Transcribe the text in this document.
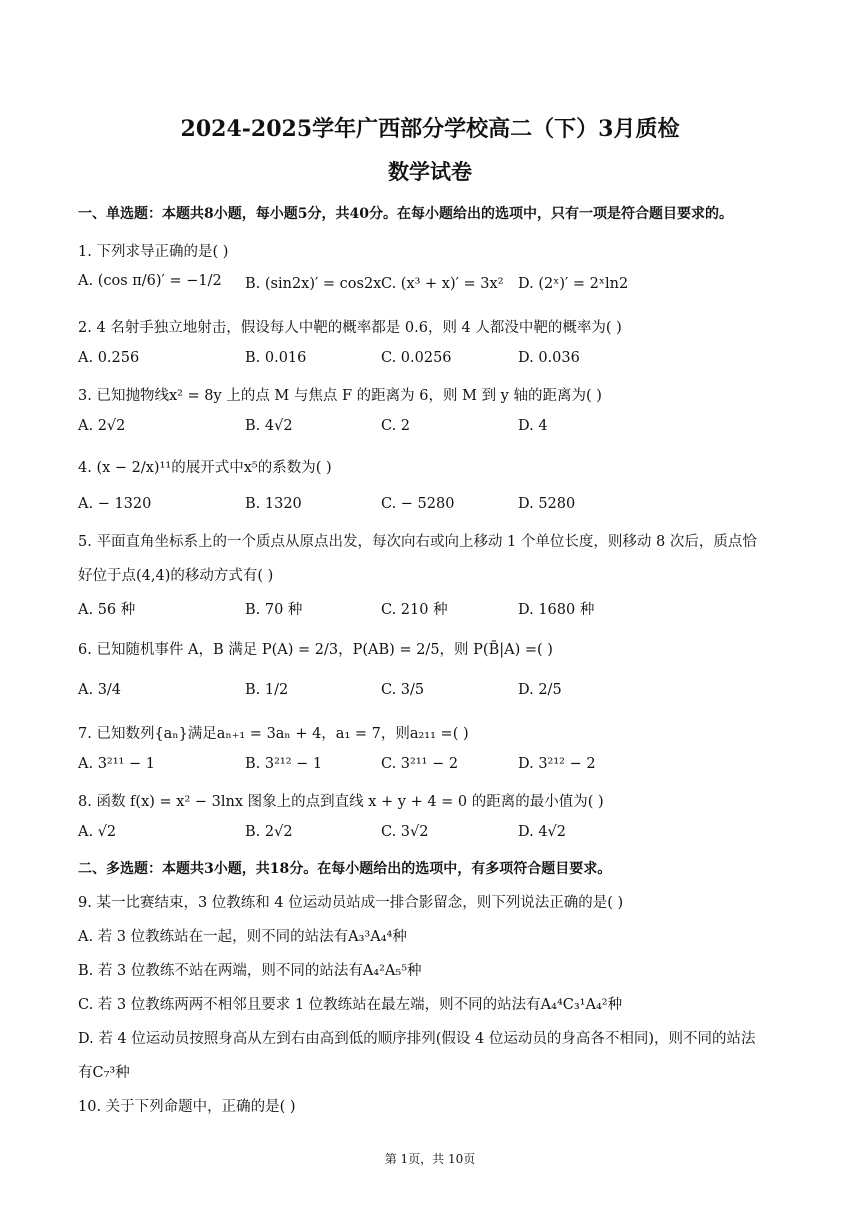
2024-2025学年广西部分学校高二（下）3月质检
数学试卷
一、单选题：本题共8小题，每小题5分，共40分。在每小题给出的选项中，只有一项是符合题目要求的。
1. 下列求导正确的是( )
A. (cos π/6)′ = −1/2 B. (sin2x)′ = cos2x C. (x³ + x)′ = 3x² D. (2ˣ)′ = 2ˣln2
2. 4 名射手独立地射击，假设每人中靶的概率都是 0.6，则 4 人都没中靶的概率为( )
A. 0.256	B. 0.016	C. 0.0256	D. 0.036
3. 已知抛物线x² = 8y 上的点 M 与焦点 F 的距离为 6，则 M 到 y 轴的距离为( )
A. 2√2	B. 4√2	C. 2	D. 4
4. (x − 2/x)¹¹的展开式中x⁵的系数为( )
A. − 1320	B. 1320	C. − 5280	D. 5280
5. 平面直角坐标系上的一个质点从原点出发，每次向右或向上移动 1 个单位长度，则移动 8 次后，质点恰
好位于点(4,4)的移动方式有( )
A. 56 种	B. 70 种	C. 210 种	D. 1680 种
6. 已知随机事件 A，B 满足 P(A) = 2/3，P(AB) = 2/5，则 P(B̄|A) =( )
A. 3/4	B. 1/2	C. 3/5	D. 2/5
7. 已知数列{aₙ}满足aₙ₊₁ = 3aₙ + 4，a₁ = 7，则a₂₁₁ =( )
A. 3²¹¹ − 1	B. 3²¹² − 1	C. 3²¹¹ − 2	D. 3²¹² − 2
8. 函数 f(x) = x² − 3lnx 图象上的点到直线 x + y + 4 = 0 的距离的最小值为( )
A. √2	B. 2√2	C. 3√2	D. 4√2
二、多选题：本题共3小题，共18分。在每小题给出的选项中，有多项符合题目要求。
9. 某一比赛结束，3 位教练和 4 位运动员站成一排合影留念，则下列说法正确的是( )
A. 若 3 位教练站在一起，则不同的站法有A₃³A₄⁴种
B. 若 3 位教练不站在两端，则不同的站法有A₄²A₅⁵种
C. 若 3 位教练两两不相邻且要求 1 位教练站在最左端，则不同的站法有A₄⁴C₃¹A₄²种
D. 若 4 位运动员按照身高从左到右由高到低的顺序排列(假设 4 位运动员的身高各不相同)，则不同的站法
有C₇³种
10. 关于下列命题中，正确的是( )
第 1页，共 10页
